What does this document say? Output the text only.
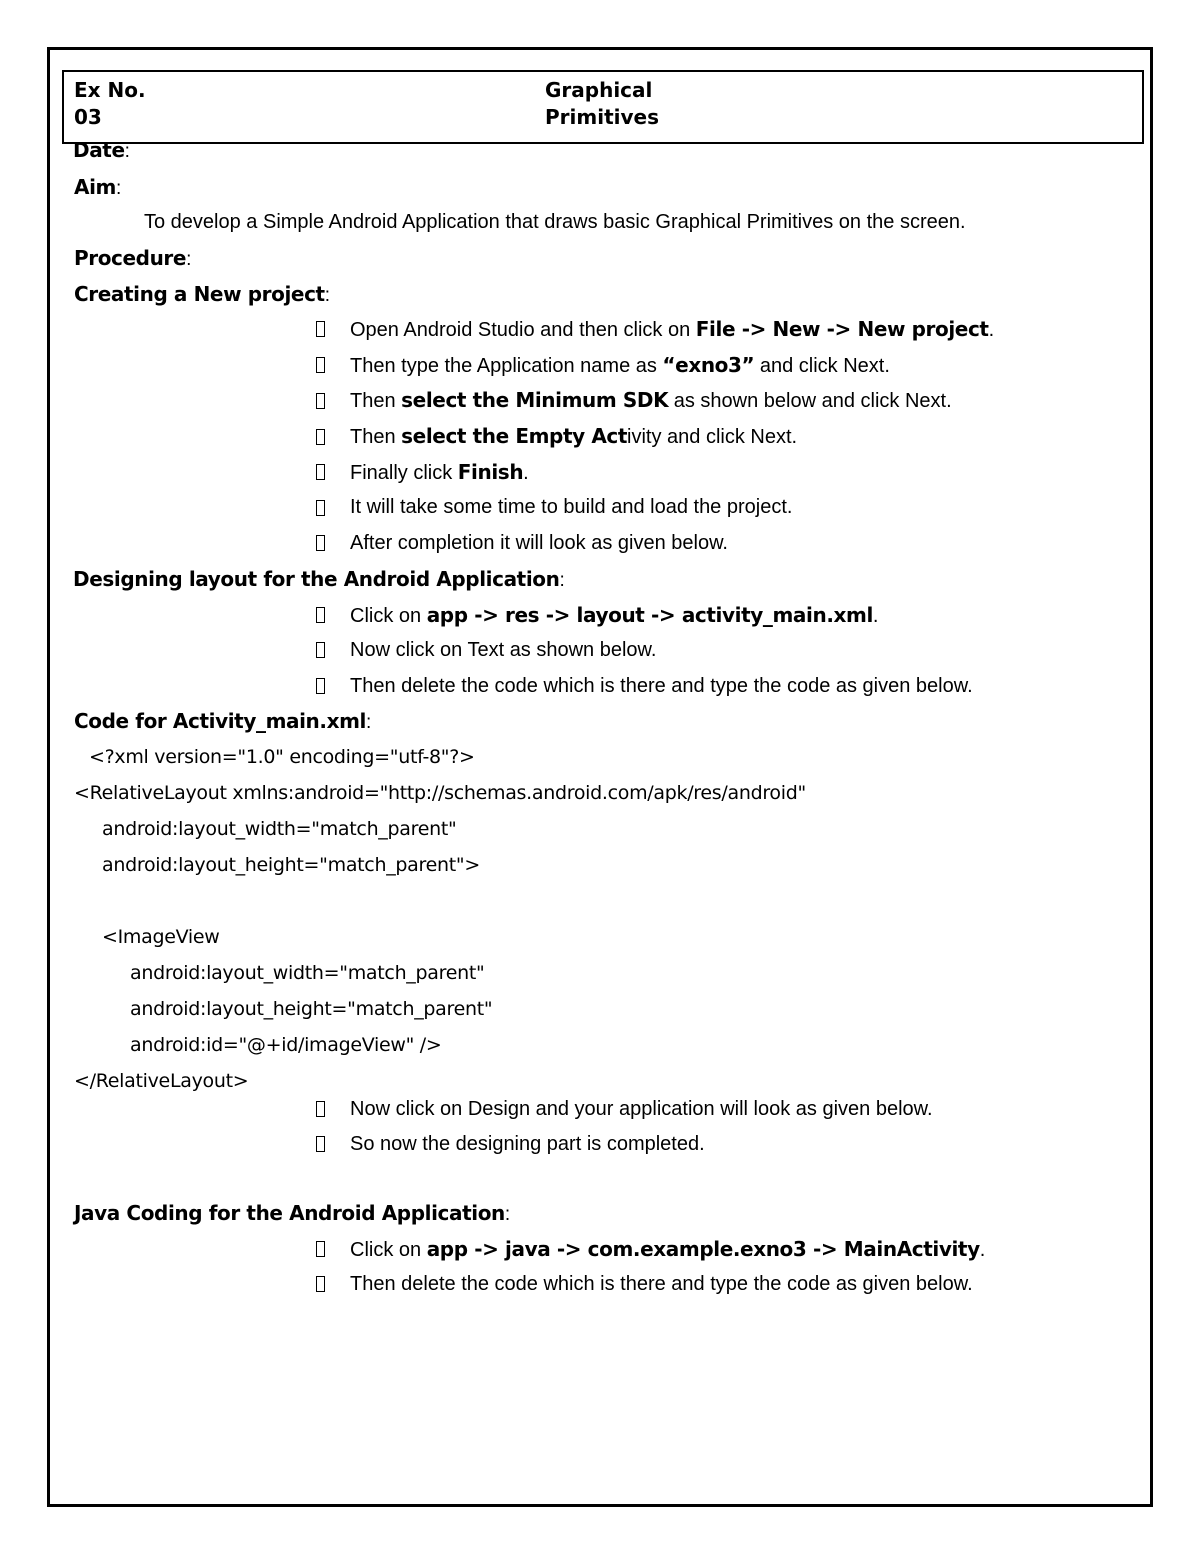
Ex No.
03
Graphical
Primitives
Date:
Aim:
To develop a Simple Android Application that draws basic Graphical Primitives on the screen.
Procedure:
Creating a New project:
Open Android Studio and then click on File -> New -> New project.
Then type the Application name as “exno3” and click Next.
Then select the Minimum SDK as shown below and click Next.
Then select the Empty Activity and click Next.
Finally click Finish.
It will take some time to build and load the project.
After completion it will look as given below.
Designing layout for the Android Application:
Click on app -> res -> layout -> activity_main.xml.
Now click on Text as shown below.
Then delete the code which is there and type the code as given below.
Code for Activity_main.xml:
<?xml version="1.0" encoding="utf-8"?>
<RelativeLayout xmlns:android="http://schemas.android.com/apk/res/android"
android:layout_width="match_parent"
android:layout_height="match_parent">
<ImageView
android:layout_width="match_parent"
android:layout_height="match_parent"
android:id="@+id/imageView" />
</RelativeLayout>
Now click on Design and your application will look as given below.
So now the designing part is completed.
Java Coding for the Android Application:
Click on app -> java -> com.example.exno3 -> MainActivity.
Then delete the code which is there and type the code as given below.
